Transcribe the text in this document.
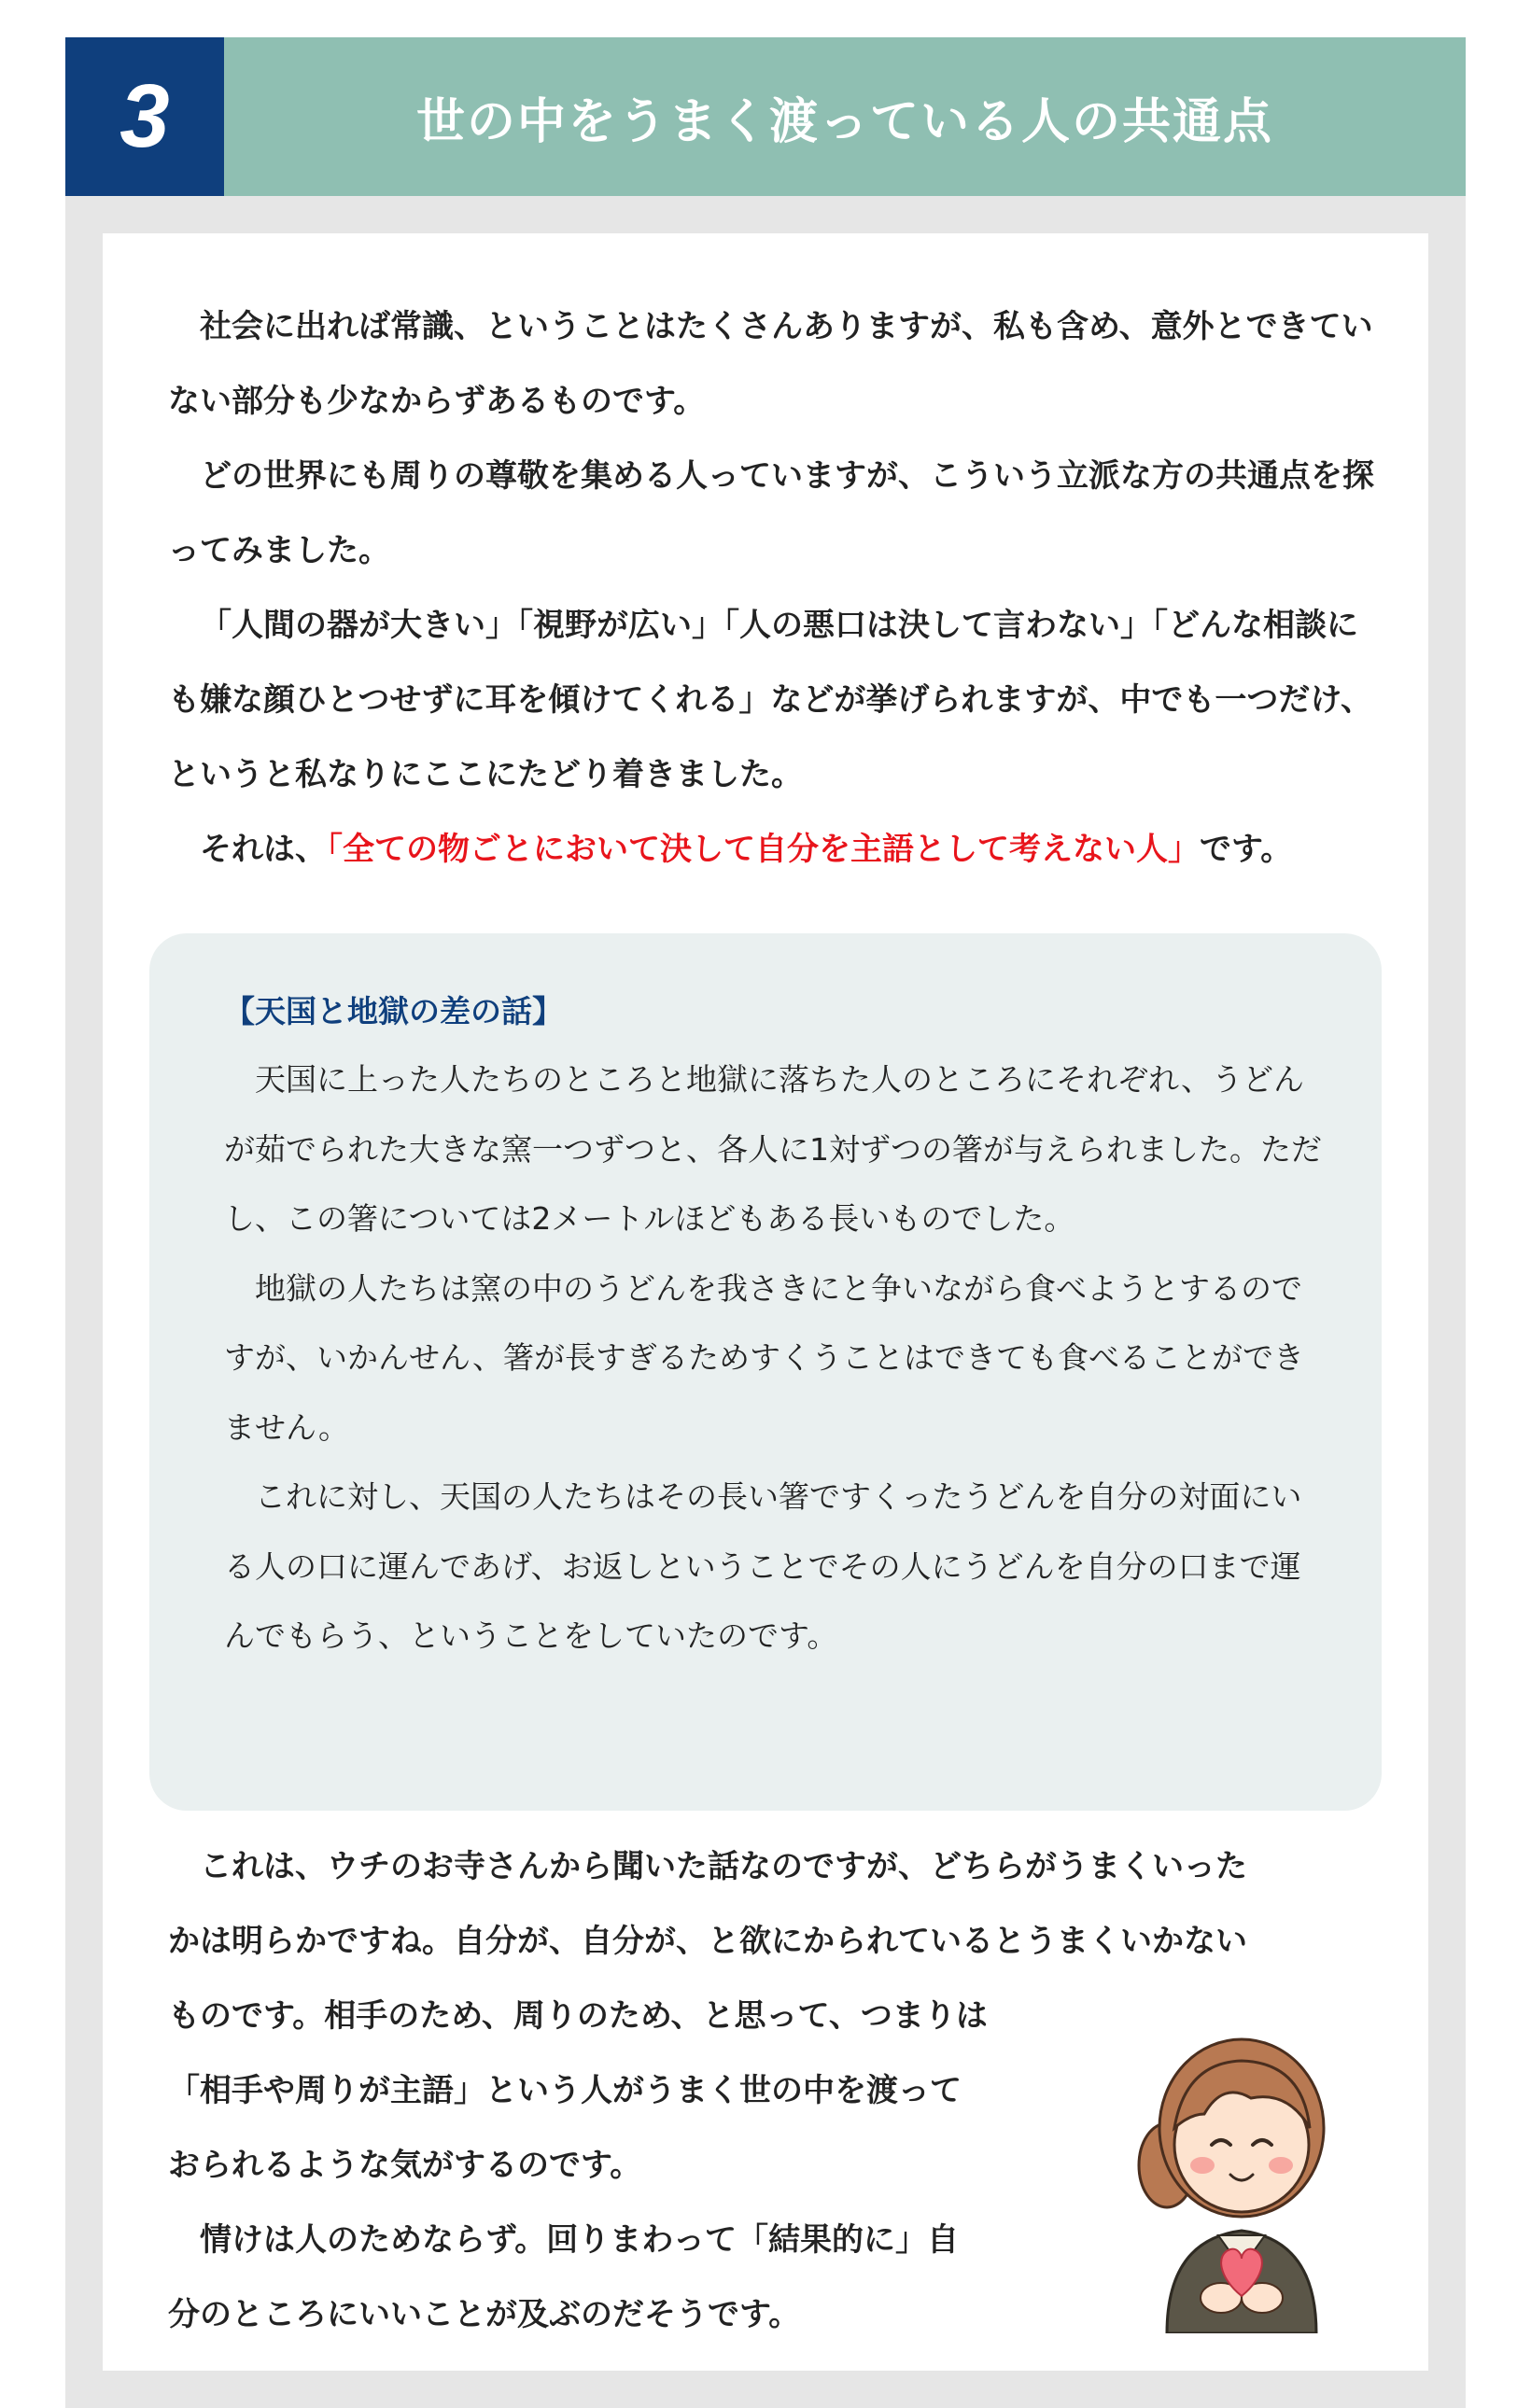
3	世の中をうまく渡っている人の共通点

社会に出れば常識、ということはたくさんありますが、私も含め、意外とできていない部分も少なからずあるものです。

どの世界にも周りの尊敬を集める人っていますが、こういう立派な方の共通点を探ってみました。

「人間の器が大きい」「視野が広い」「人の悪口は決して言わない」「どんな相談にも嫌な顔ひとつせずに耳を傾けてくれる」などが挙げられますが、中でも一つだけ、というと私なりにここにたどり着きました。

それは、「全ての物ごとにおいて決して自分を主語として考えない人」です。

【天国と地獄の差の話】

天国に上った人たちのところと地獄に落ちた人のところにそれぞれ、うどんが茹でられた大きな窯一つずつと、各人に1対ずつの箸が与えられました。ただし、この箸については2メートルほどもある長いものでした。

地獄の人たちは窯の中のうどんを我さきにと争いながら食べようとするのですが、いかんせん、箸が長すぎるためすくうことはできても食べることができません。

これに対し、天国の人たちはその長い箸ですくったうどんを自分の対面にいる人の口に運んであげ、お返しということでその人にうどんを自分の口まで運んでもらう、ということをしていたのです。

これは、ウチのお寺さんから聞いた話なのですが、どちらがうまくいった
かは明らかですね。自分が、自分が、と欲にかられているとうまくいかない
ものです。相手のため、周りのため、と思って、つまりは
「相手や周りが主語」という人がうまく世の中を渡って
おられるような気がするのです。

情けは人のためならず。回りまわって「結果的に」自
分のところにいいことが及ぶのだそうです。
